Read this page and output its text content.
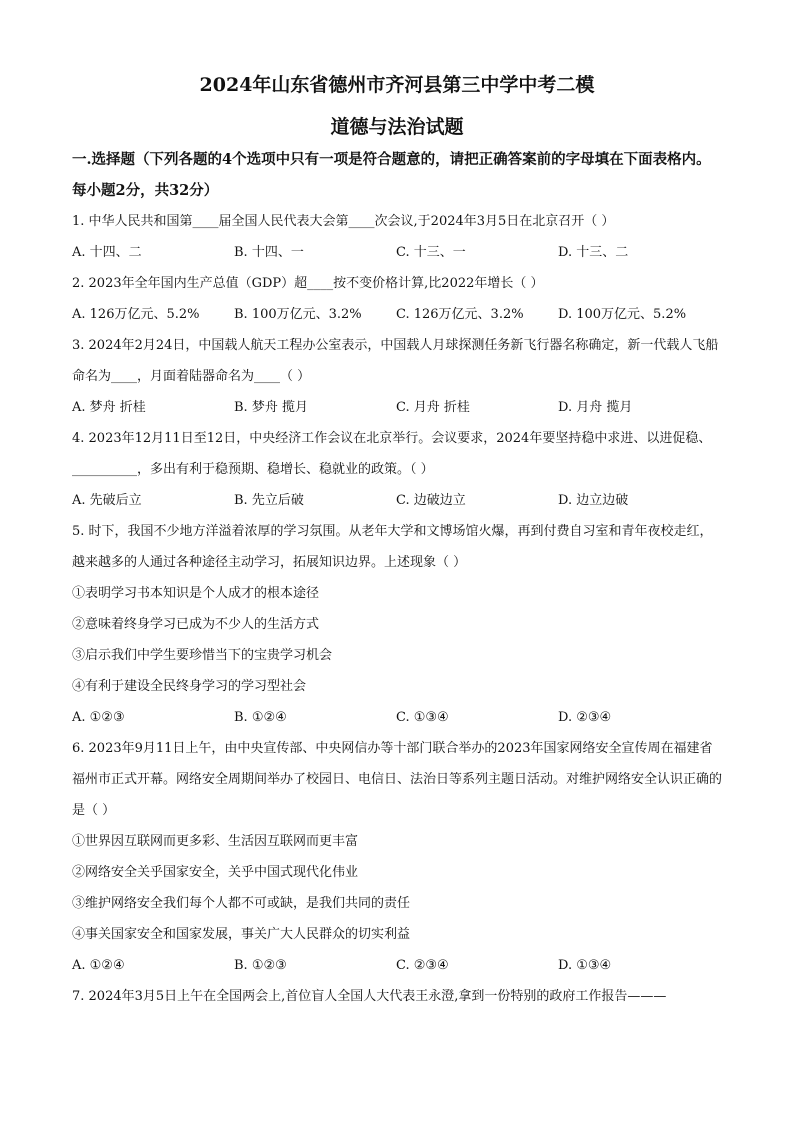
2024年山东省德州市齐河县第三中学中考二模
道德与法治试题
一.选择题（下列各题的4个选项中只有一项是符合题意的，请把正确答案前的字母填在下面表格内。每小题2分，共32分）
1. 中华人民共和国第____届全国人民代表大会第____次会议,于2024年3月5日在北京召开（ ）
A. 十四、二	B. 十四、一	C. 十三、一	D. 十三、二
2. 2023年全年国内生产总值（GDP）超____按不变价格计算,比2022年增长（ ）
A. 126万亿元、5.2%	B. 100万亿元、3.2%	C. 126万亿元、3.2%	D. 100万亿元、5.2%
3. 2024年2月24日，中国载人航天工程办公室表示，中国载人月球探测任务新飞行器名称确定，新一代载人飞船命名为____，月面着陆器命名为____（ ）
A. 梦舟 折桂	B. 梦舟 揽月	C. 月舟 折桂	D. 月舟 揽月
4. 2023年12月11日至12日，中央经济工作会议在北京举行。会议要求，2024年要坚持稳中求进、以进促稳、__________，多出有利于稳预期、稳增长、稳就业的政策。（ ）
A. 先破后立	B. 先立后破	C. 边破边立	D. 边立边破
5. 时下，我国不少地方洋溢着浓厚的学习氛围。从老年大学和文博场馆火爆，再到付费自习室和青年夜校走红，越来越多的人通过各种途径主动学习，拓展知识边界。上述现象（ ）
①表明学习书本知识是个人成才的根本途径
②意味着终身学习已成为不少人的生活方式
③启示我们中学生要珍惜当下的宝贵学习机会
④有利于建设全民终身学习的学习型社会
A. ①②③	B. ①②④	C. ①③④	D. ②③④
6. 2023年9月11日上午，由中央宣传部、中央网信办等十部门联合举办的2023年国家网络安全宣传周在福建省福州市正式开幕。网络安全周期间举办了校园日、电信日、法治日等系列主题日活动。对维护网络安全认识正确的是（ ）
①世界因互联网而更多彩、生活因互联网而更丰富
②网络安全关乎国家安全，关乎中国式现代化伟业
③维护网络安全我们每个人都不可或缺，是我们共同的责任
④事关国家安全和国家发展，事关广大人民群众的切实利益
A. ①②④	B. ①②③	C. ②③④	D. ①③④
7. 2024年3月5日上午在全国两会上,首位盲人全国人大代表王永澄,拿到一份特别的政府工作报告———
